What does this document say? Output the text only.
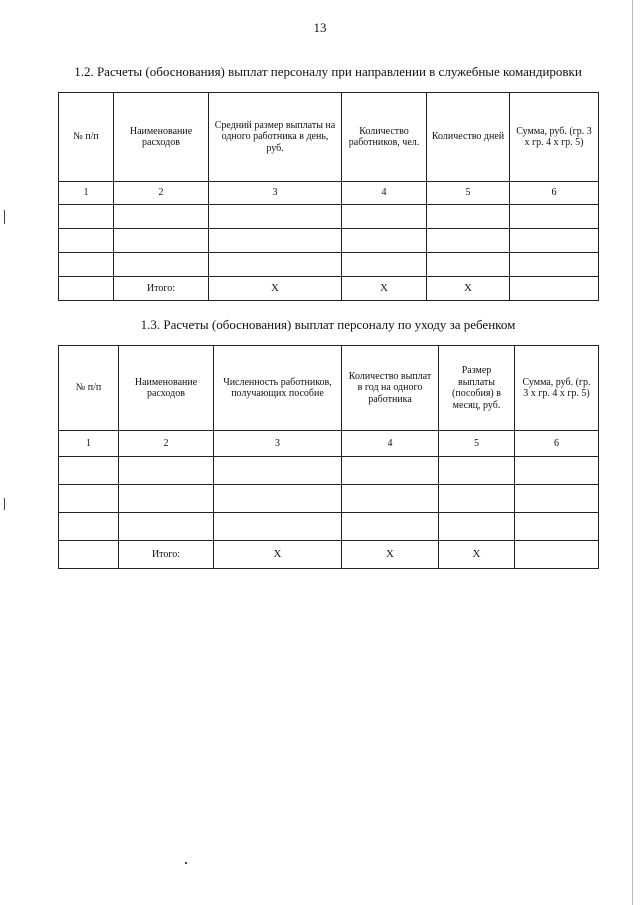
13
1.2. Расчеты (обоснования) выплат персоналу при направлении в служебные командировки
№ п/п	Наименование расходов	Средний размер выплаты на одного работника в день, руб.	Количество работников, чел.	Количество дней	Сумма, руб. (гр. 3 х гр. 4 х гр. 5)
1	2	3	4	5	6

	Итого:	X	X	X	
1.3. Расчеты (обоснования) выплат персоналу по уходу за ребенком
№ п/п	Наименование расходов	Численность работников, получающих пособие	Количество выплат в год на одного работника	Размер выплаты (пособия) в месяц, руб.	Сумма, руб. (гр. 3 х гр. 4 х гр. 5)
1	2	3	4	5	6

	Итого:	X	X	X	
